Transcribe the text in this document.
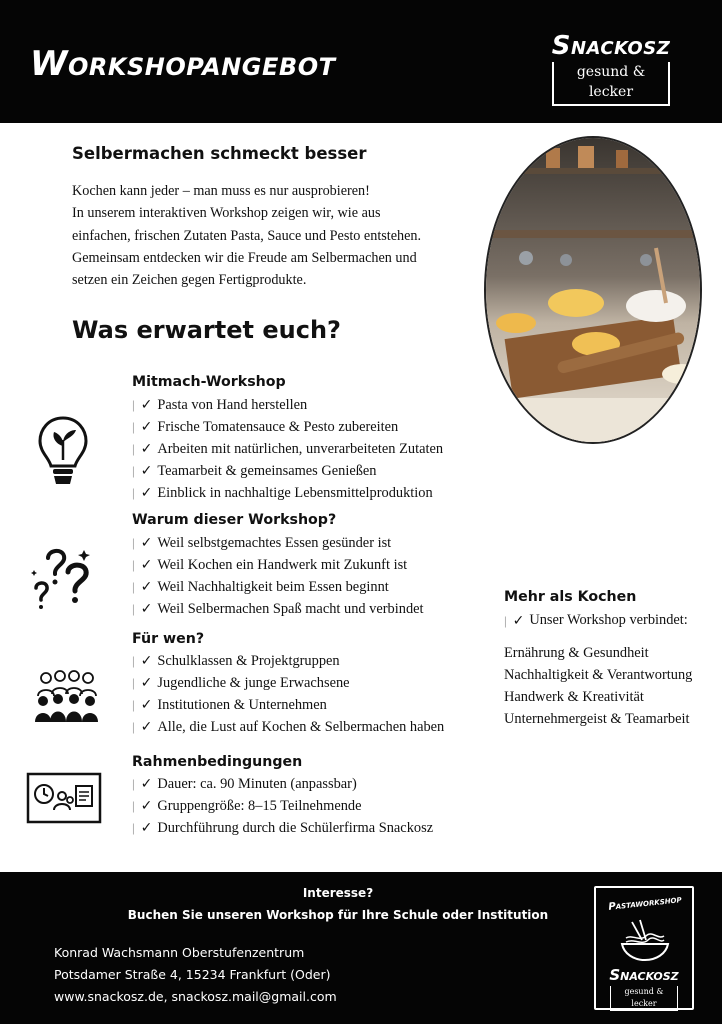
Workshopangebot	Snackosz
gesund & lecker
Selbermachen schmeckt besser
Kochen kann jeder – man muss es nur ausprobieren!
In unserem interaktiven Workshop zeigen wir, wie aus
einfachen, frischen Zutaten Pasta, Sauce und Pesto entstehen.
Gemeinsam entdecken wir die Freude am Selbermachen und
setzen ein Zeichen gegen Fertigprodukte.
Was erwartet euch?
Mitmach-Workshop
| ✓ Pasta von Hand herstellen
| ✓ Frische Tomatensauce & Pesto zubereiten
| ✓ Arbeiten mit natürlichen, unverarbeiteten Zutaten
| ✓ Teamarbeit & gemeinsames Genießen
| ✓ Einblick in nachhaltige Lebensmittelproduktion
Warum dieser Workshop?
| ✓ Weil selbstgemachtes Essen gesünder ist
| ✓ Weil Kochen ein Handwerk mit Zukunft ist
| ✓ Weil Nachhaltigkeit beim Essen beginnt
| ✓ Weil Selbermachen Spaß macht und verbindet
Für wen?
| ✓ Schulklassen & Projektgruppen
| ✓ Jugendliche & junge Erwachsene
| ✓ Institutionen & Unternehmen
| ✓ Alle, die Lust auf Kochen & Selbermachen haben
Rahmenbedingungen
| ✓ Dauer: ca. 90 Minuten (anpassbar)
| ✓ Gruppengröße: 8–15 Teilnehmende
| ✓ Durchführung durch die Schülerfirma Snackosz
Mehr als Kochen
| ✓ Unser Workshop verbindet:
Ernährung & Gesundheit
Nachhaltigkeit & Verantwortung
Handwerk & Kreativität
Unternehmergeist & Teamarbeit
Interesse?
Buchen Sie unseren Workshop für Ihre Schule oder Institution
Konrad Wachsmann Oberstufenzentrum
Potsdamer Straße 4, 15234 Frankfurt (Oder)
www.snackosz.de, snackosz.mail@gmail.com
Pastaworkshop
Snackosz
gesund & lecker
